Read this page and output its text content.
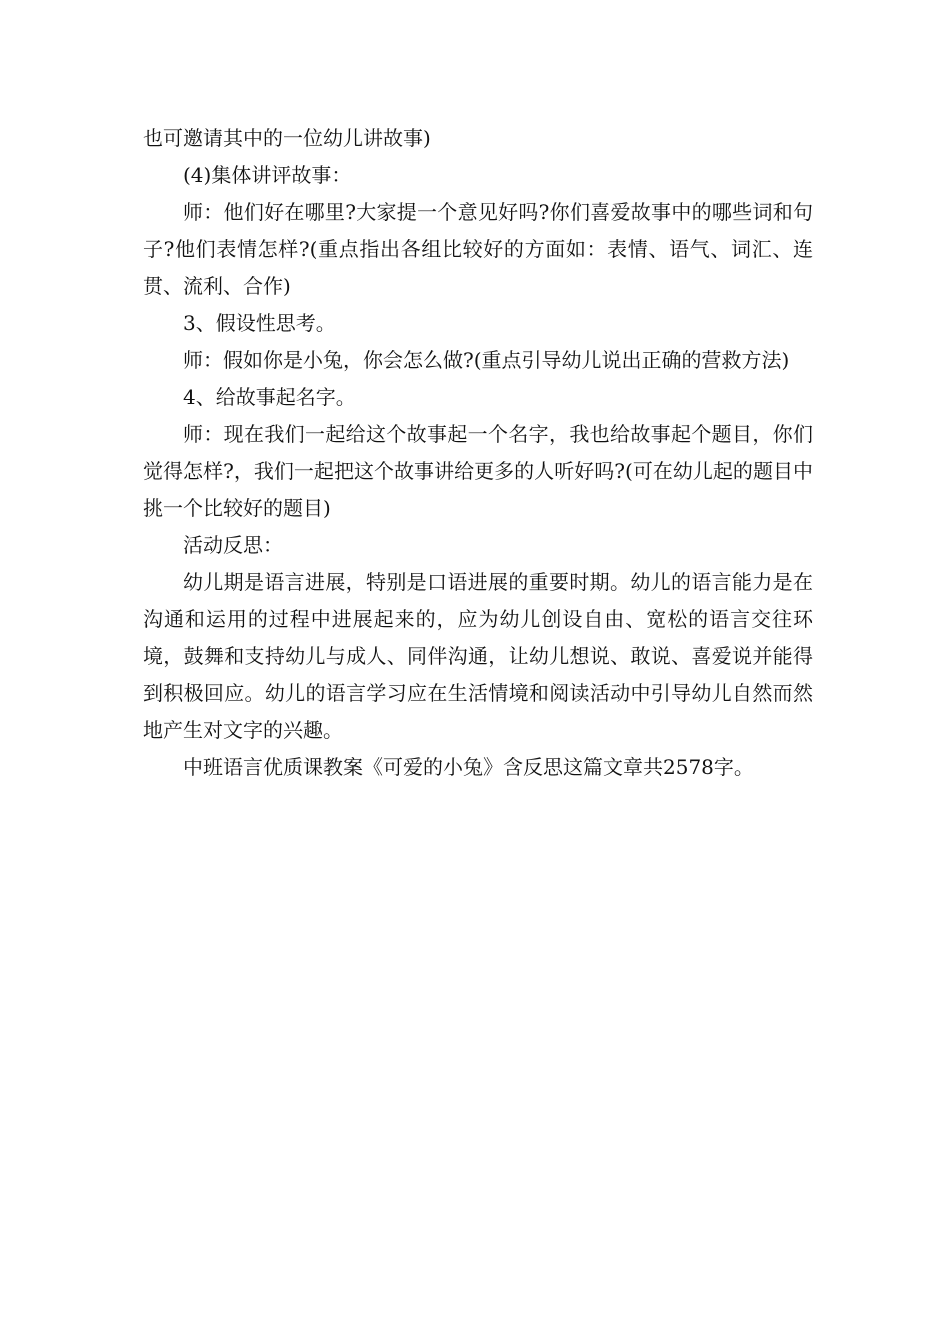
也可邀请其中的一位幼儿讲故事)

(4)集体讲评故事：

师：他们好在哪里?大家提一个意见好吗?你们喜爱故事中的哪些词和句子?他们表情怎样?(重点指出各组比较好的方面如：表情、语气、词汇、连贯、流利、合作)

3、假设性思考。

师：假如你是小兔，你会怎么做?(重点引导幼儿说出正确的营救方法)

4、给故事起名字。

师：现在我们一起给这个故事起一个名字，我也给故事起个题目，你们觉得怎样?，我们一起把这个故事讲给更多的人听好吗?(可在幼儿起的题目中挑一个比较好的题目)

活动反思：

幼儿期是语言进展，特别是口语进展的重要时期。幼儿的语言能力是在沟通和运用的过程中进展起来的，应为幼儿创设自由、宽松的语言交往环境，鼓舞和支持幼儿与成人、同伴沟通，让幼儿想说、敢说、喜爱说并能得到积极回应。幼儿的语言学习应在生活情境和阅读活动中引导幼儿自然而然地产生对文字的兴趣。

中班语言优质课教案《可爱的小兔》含反思这篇文章共2578字。
